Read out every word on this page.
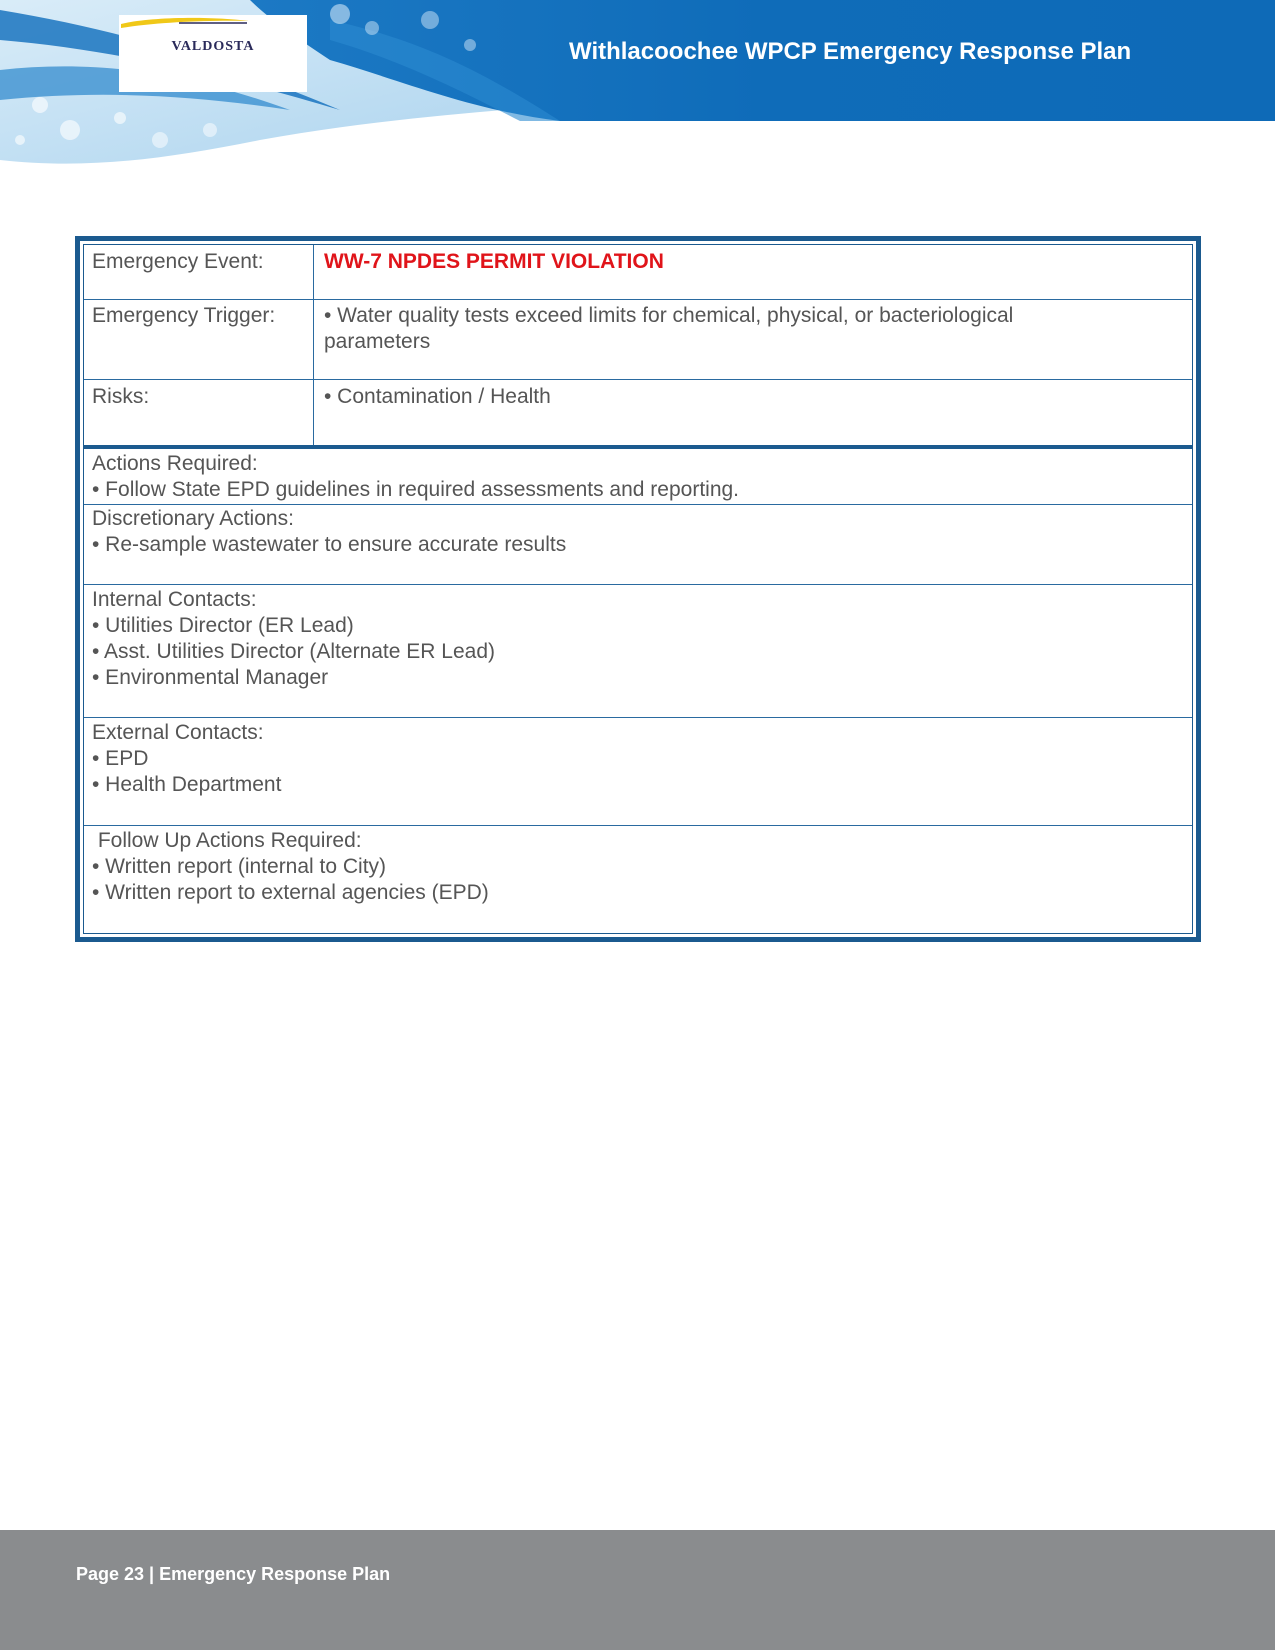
VALDOSTA	Withlacoochee WPCP Emergency Response Plan
Emergency Event:	WW-7 NPDES PERMIT VIOLATION
Emergency Trigger: • Water quality tests exceed limits for chemical, physical, or bacteriological
parameters
Risks:	• Contamination / Health
Actions Required:
• Follow State EPD guidelines in required assessments and reporting.
Discretionary Actions:
• Re-sample wastewater to ensure accurate results
Internal Contacts:
• Utilities Director (ER Lead)
• Asst. Utilities Director (Alternate ER Lead)
• Environmental Manager
External Contacts:
• EPD
• Health Department
Follow Up Actions Required:
• Written report (internal to City)
• Written report to external agencies (EPD)
Page 23 | Emergency Response Plan
